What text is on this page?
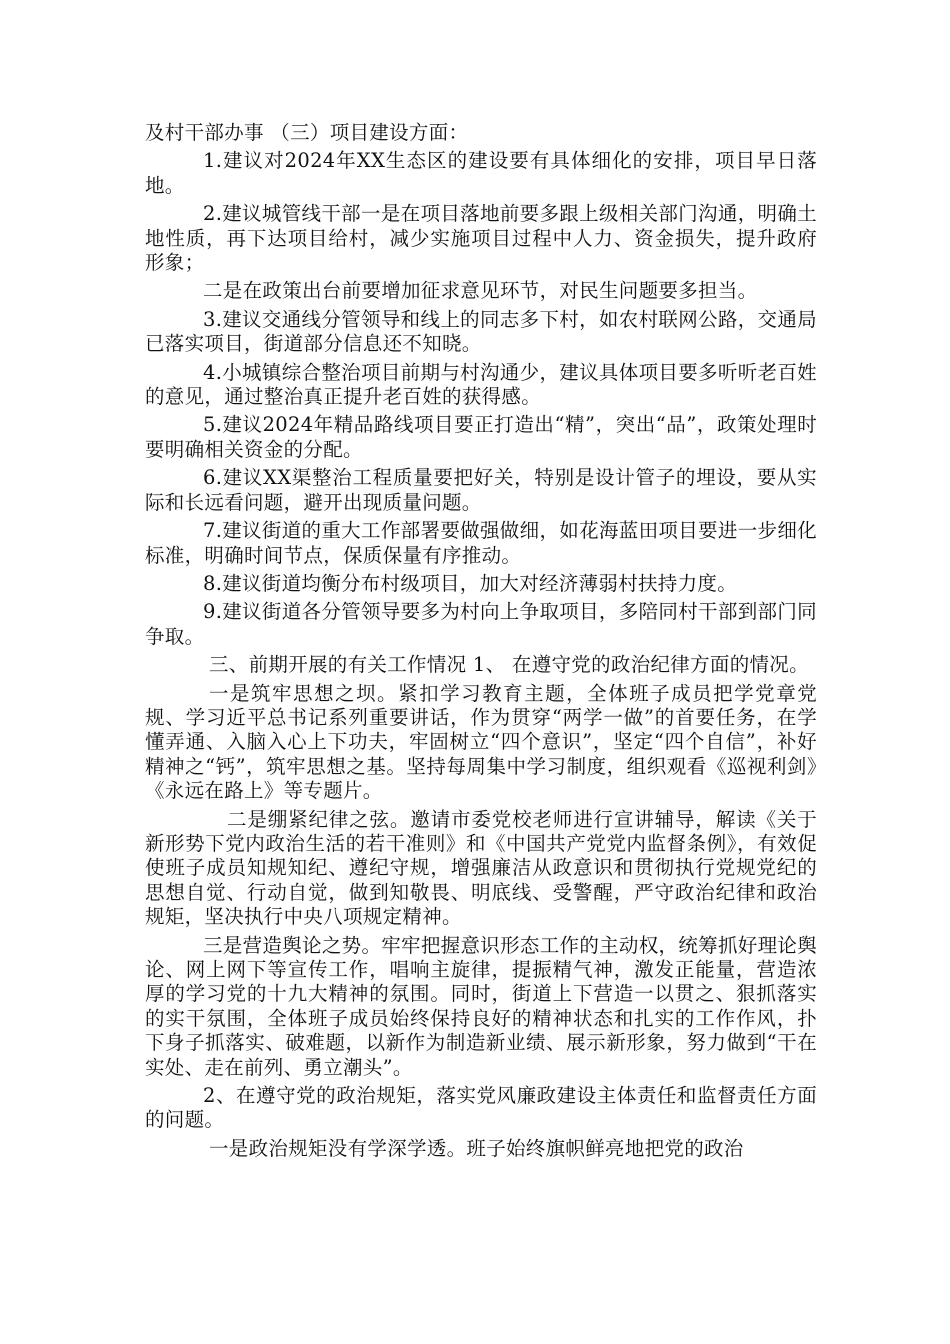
及村干部办事 （三）项目建设方面：

1.建议对2024年XX生态区的建设要有具体细化的安排，项目早日落地。

2.建议城管线干部一是在项目落地前要多跟上级相关部门沟通，明确土地性质，再下达项目给村，减少实施项目过程中人力、资金损失，提升政府形象；

二是在政策出台前要增加征求意见环节，对民生问题要多担当。

3.建议交通线分管领导和线上的同志多下村，如农村联网公路，交通局已落实项目，街道部分信息还不知晓。

4.小城镇综合整治项目前期与村沟通少，建议具体项目要多听听老百姓的意见，通过整治真正提升老百姓的获得感。

5.建议2024年精品路线项目要正打造出“精”，突出“品”，政策处理时要明确相关资金的分配。

6.建议XX渠整治工程质量要把好关，特别是设计管子的埋设，要从实际和长远看问题，避开出现质量问题。

7.建议街道的重大工作部署要做强做细，如花海蓝田项目要进一步细化标准，明确时间节点，保质保量有序推动。

8.建议街道均衡分布村级项目，加大对经济薄弱村扶持力度。

9.建议街道各分管领导要多为村向上争取项目，多陪同村干部到部门同争取。

三、前期开展的有关工作情况 1、 在遵守党的政治纪律方面的情况。

一是筑牢思想之坝。紧扣学习教育主题，全体班子成员把学党章党规、学习近平总书记系列重要讲话，作为贯穿“两学一做”的首要任务，在学懂弄通、入脑入心上下功夫，牢固树立“四个意识”，坚定“四个自信”，补好精神之“钙”，筑牢思想之基。坚持每周集中学习制度，组织观看《巡视利剑》《永远在路上》等专题片。

二是绷紧纪律之弦。邀请市委党校老师进行宣讲辅导，解读《关于新形势下党内政治生活的若干准则》和《中国共产党党内监督条例》，有效促使班子成员知规知纪、遵纪守规，增强廉洁从政意识和贯彻执行党规党纪的思想自觉、行动自觉，做到知敬畏、明底线、受警醒，严守政治纪律和政治规矩，坚决执行中央八项规定精神。

三是营造舆论之势。牢牢把握意识形态工作的主动权，统筹抓好理论舆论、网上网下等宣传工作，唱响主旋律，提振精气神，激发正能量，营造浓厚的学习党的十九大精神的氛围。同时，街道上下营造一以贯之、狠抓落实的实干氛围，全体班子成员始终保持良好的精神状态和扎实的工作作风，扑下身子抓落实、破难题，以新作为制造新业绩、展示新形象，努力做到“干在实处、走在前列、勇立潮头”。

2、在遵守党的政治规矩，落实党风廉政建设主体责任和监督责任方面的问题。

一是政治规矩没有学深学透。班子始终旗帜鲜亮地把党的政治
